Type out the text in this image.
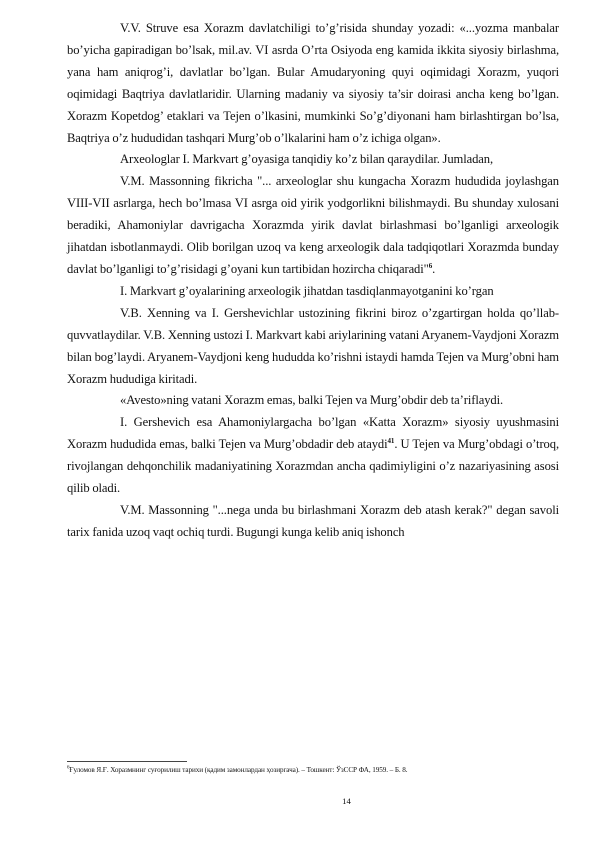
V.V. Struve esa Xorazm davlatchiligi to’g’risida shunday yozadi: «...yozma manbalar bo’yicha gapiradigan bo’lsak, mil.av. VI asrda O’rta Osiyoda eng kamida ikkita siyosiy birlashma, yana ham aniqrog’i, davlatlar bo’lgan. Bular Amudaryoning quyi oqimidagi Xorazm, yuqori oqimidagi Baqtriya davlatlaridir. Ularning madaniy va siyosiy ta’sir doirasi ancha keng bo’lgan. Xorazm Kopetdog’ etaklari va Tejen o’lkasini, mumkinki So’g’diyonani ham birlashtirgan bo’lsa, Baqtriya o’z hududidan tashqari Murg’ob o’lkalarini ham o’z ichiga olgan».

Arxeologlar I. Markvart g’oyasiga tanqidiy ko’z bilan qaraydilar. Jumladan,

V.M. Massonning fikricha "... arxeologlar shu kungacha Xorazm hududida joylashgan VIII-VII asrlarga, hech bo’lmasa VI asrga oid yirik yodgorlikni bilishmaydi. Bu shunday xulosani beradiki, Ahamoniylar davrigacha Xorazmda yirik davlat birlashmasi bo’lganligi arxeologik jihatdan isbotlanmaydi. Olib borilgan uzoq va keng arxeologik dala tadqiqotlari Xorazmda bunday davlat bo’lganligi to’g’risidagi g’oyani kun tartibidan hozircha chiqaradi"$^6$.

I. Markvart g’oyalarining arxeologik jihatdan tasdiqlanmayotganini ko’rgan

V.B. Xenning va I. Gershevichlar ustozining fikrini biroz o’zgartirgan holda qo’llab-quvvatlaydilar. V.B. Xenning ustozi I. Markvart kabi ariylarining vatani Aryanem-Vaydjoni Xorazm bilan bog’laydi. Aryanem-Vaydjoni keng hududda ko’rishni istaydi hamda Tejen va Murg’obni ham Xorazm hududiga kiritadi.

«Avesto»ning vatani Xorazm emas, balki Tejen va Murg’obdir deb ta’riflaydi.

I. Gershevich esa Ahamoniylargacha bo’lgan «Katta Xorazm» siyosiy uyushmasini Xorazm hududida emas, balki Tejen va Murg’obdadir deb ataydi$^{41}$. U Tejen va Murg’obdagi o’troq, rivojlangan dehqonchilik madaniyatining Xorazmdan ancha qadimiyligini o’z nazariyasining asosi qilib oladi.

V.M. Massonning "...nega unda bu birlashmani Xorazm deb atash kerak?" degan savoli tarix fanida uzoq vaqt ochiq turdi. Bugungi kunga kelib aniq ishonch

$^6$Ғуломов Я.Ғ. Хоразмнинг суғорилиш тарихи (қадим замонлардан ҳозиргача). – Тошкент: ЎзССР ФА, 1959. – Б. 8.

14
